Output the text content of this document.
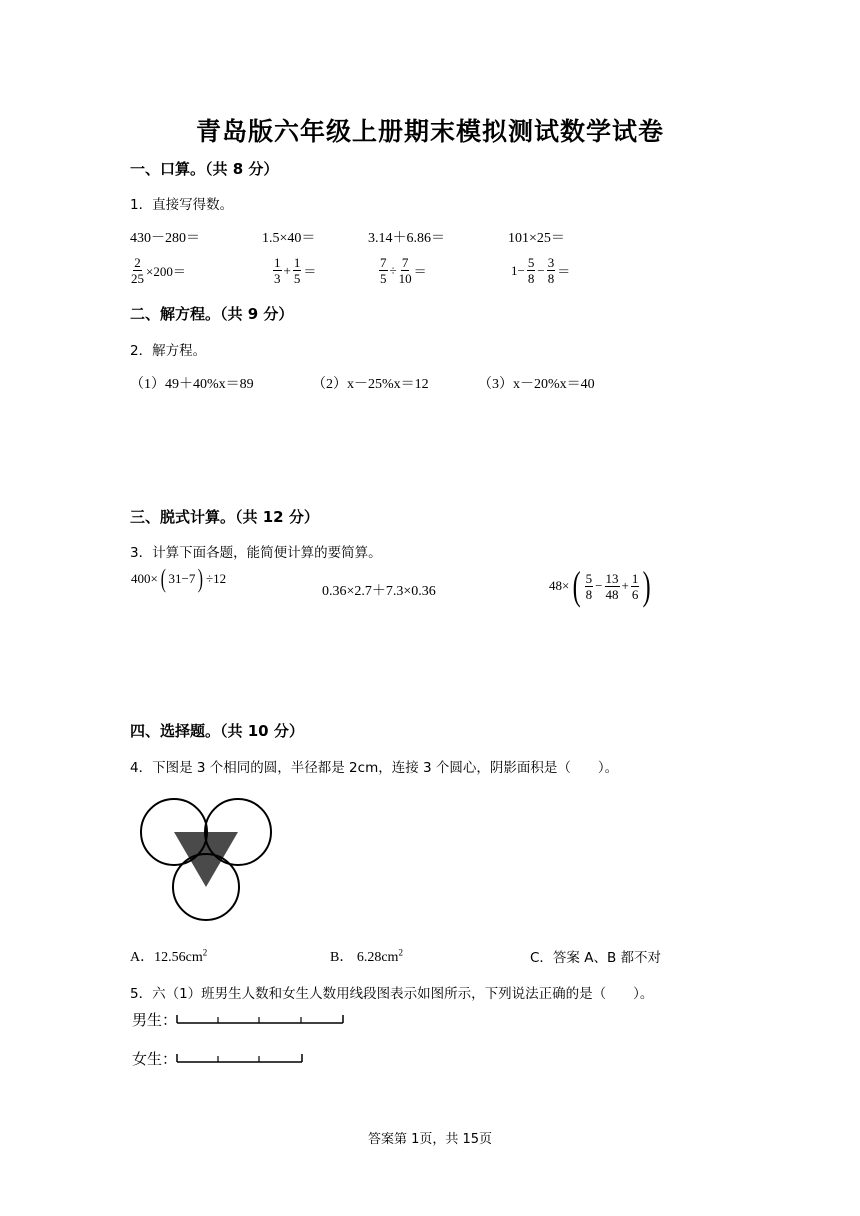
青岛版六年级上册期末模拟测试数学试卷
一、口算。（共 8 分）
1．直接写得数。
430－280＝	1.5×40＝	3.14＋6.86＝	101×25＝
$\frac{2}{25} \times 200=$	$\frac{1}{3} + \frac{1}{5}$ ＝	$\frac{7}{5} \div \frac{7}{10}$ ＝	$1- \frac{5}{8} - \frac{3}{8}$ ＝
二、解方程。（共 9 分）
2．解方程。
（1）49＋40%x＝89	（2）x－25%x＝12	（3）x－20%x＝40
三、脱式计算。（共 12 分）
3．计算下面各题，能简便计算的要简算。
400× ( 31−7 ) ÷12
0.36×2.7＋7.3×0.36	$48\times( \frac{5}{8} - \frac{13}{48} + \frac{1}{6}$ )
四、选择题。（共 10 分）
4．下图是 3 个相同的圆，半径都是 2cm，连接 3 个圆心，阴影面积是（　　）。
A．$12.56cm^2$	B． $6.28cm^2$	C．答案 A、B 都不对
5．六（1）班男生人数和女生人数用线段图表示如图所示，下列说法正确的是（　　）。
男生：
女生：
答案第 1页，共 15页
